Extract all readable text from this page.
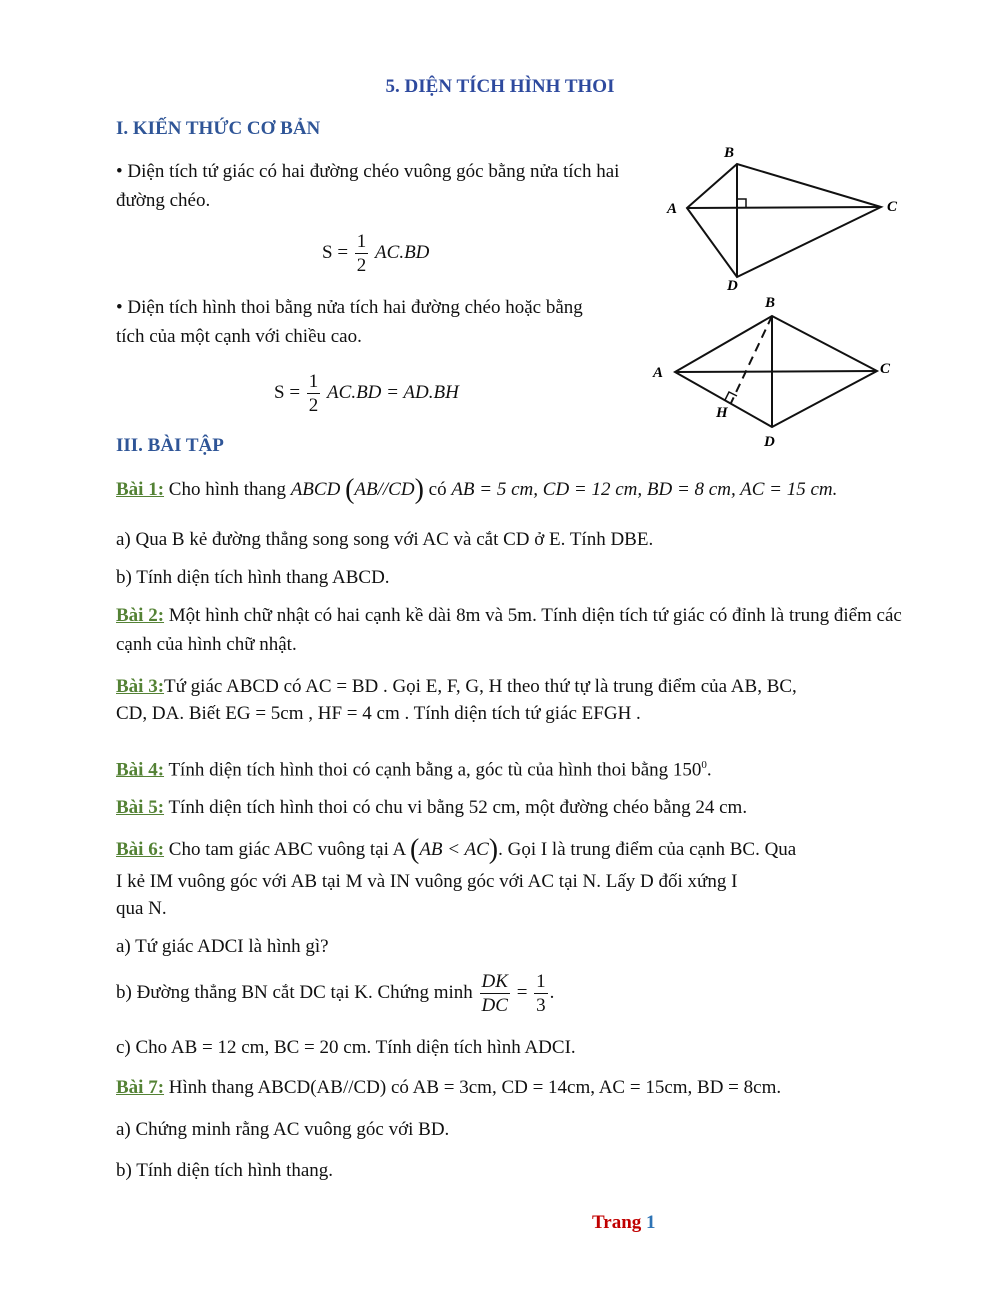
5. DIỆN TÍCH HÌNH THOI
I. KIẾN THỨC CƠ BẢN
• Diện tích tứ giác có hai đường chéo vuông góc bằng nửa tích hai đường chéo.
$S = \frac{1}{2} AC.BD$
• Diện tích hình thoi bằng nửa tích hai đường chéo hoặc bằng tích của một cạnh với chiều cao.
$S = \frac{1}{2} AC.BD = AD.BH$
B
A	C
D
B
A	C
D
H
III. BÀI TẬP
Bài 1: Cho hình thang ABCD (AB//CD) có AB = 5 cm, CD = 12 cm, BD = 8 cm, AC = 15 cm.
a) Qua B kẻ đường thẳng song song với AC và cắt CD ở E. Tính DBE.
b) Tính diện tích hình thang ABCD.
Bài 2: Một hình chữ nhật có hai cạnh kề dài 8m và 5m. Tính diện tích tứ giác có đỉnh là trung điểm các cạnh của hình chữ nhật.
Bài 3:Tứ giác ABCD có AC = BD . Gọi E, F, G, H theo thứ tự là trung điểm của AB, BC,
CD, DA. Biết EG = 5cm , HF = 4 cm . Tính diện tích tứ giác EFGH .
Bài 4: Tính diện tích hình thoi có cạnh bằng a, góc tù của hình thoi bằng $150^0$.
Bài 5: Tính diện tích hình thoi có chu vi bằng 52 cm, một đường chéo bằng 24 cm.
Bài 6: Cho tam giác ABC vuông tại A (AB < AC). Gọi I là trung điểm của cạnh BC. Qua
I kẻ IM vuông góc với AB tại M và IN vuông góc với AC tại N. Lấy D đối xứng I
qua N.
a) Tứ giác ADCI là hình gì?
b) Đường thẳng BN cắt DC tại K. Chứng minh $\frac{DK}{DC} = \frac{1}{3}$ .
c) Cho AB = 12 cm, BC = 20 cm. Tính diện tích hình ADCI.
Bài 7: Hình thang ABCD(AB//CD) có AB = 3cm, CD = 14cm, AC = 15cm, BD = 8cm.
a) Chứng minh rằng AC vuông góc với BD.
b) Tính diện tích hình thang.
Trang 1
